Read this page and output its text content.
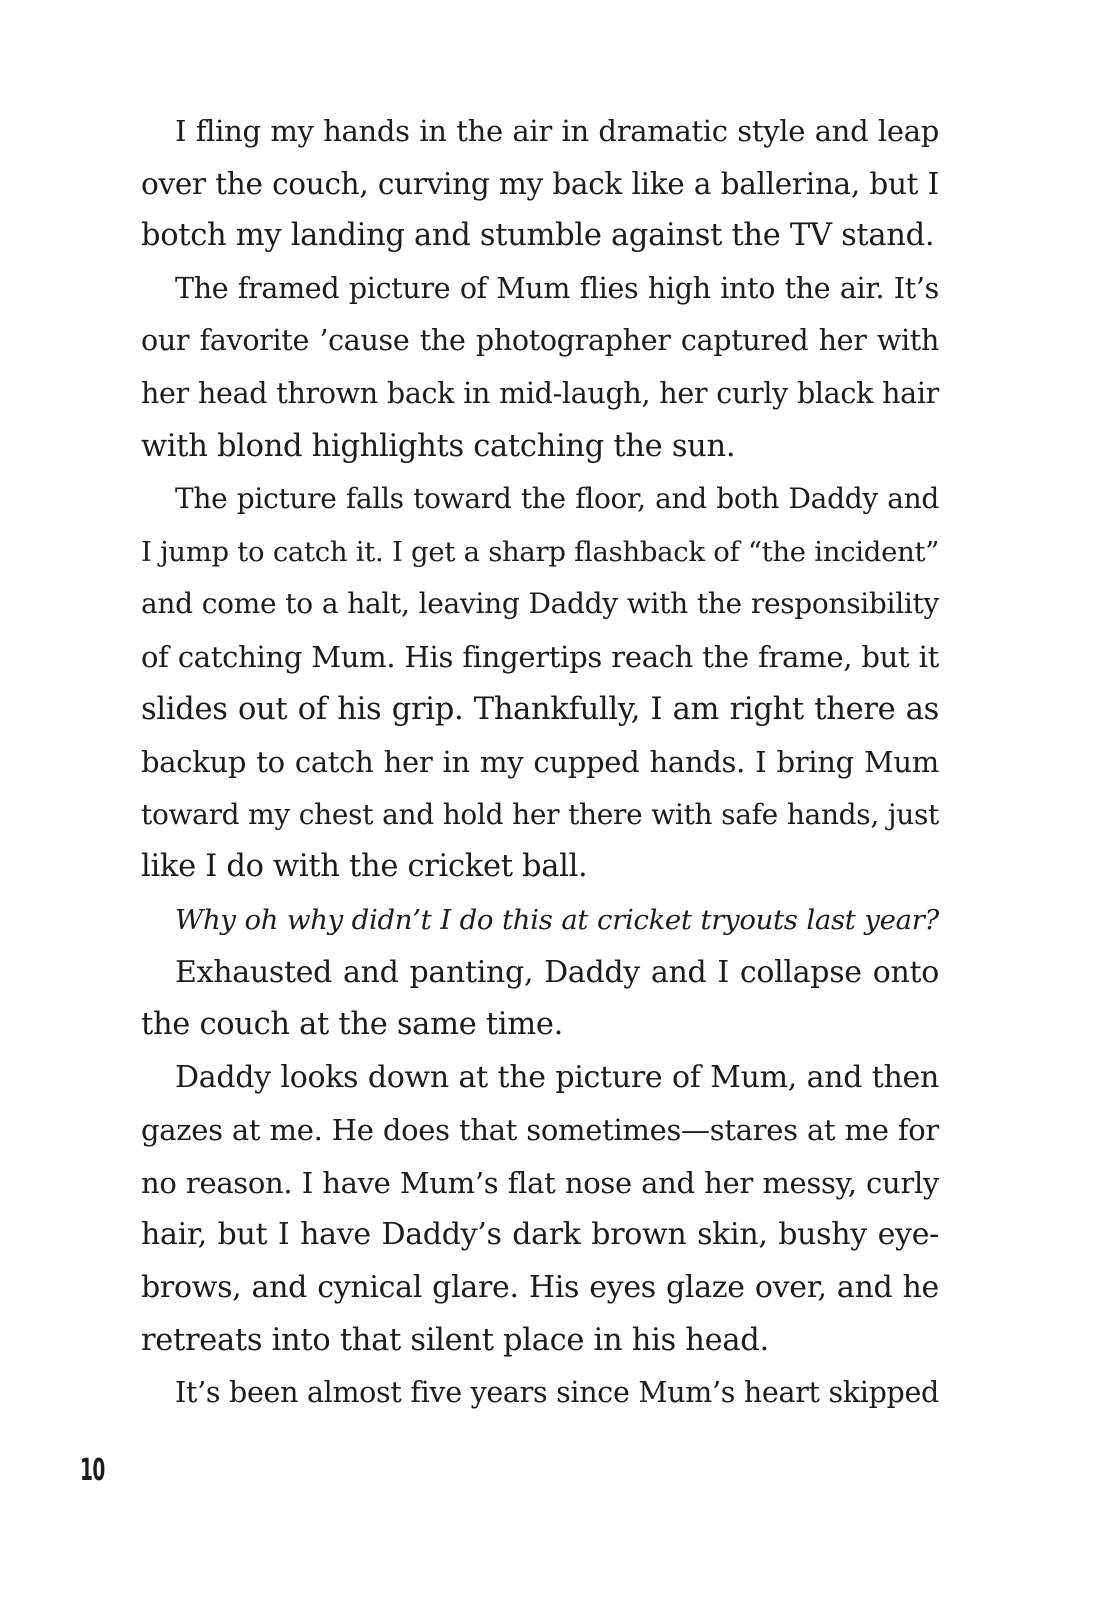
I fling my hands in the air in dramatic style and leap
over the couch, curving my back like a ballerina, but I
botch my landing and stumble against the TV stand.
The framed picture of Mum flies high into the air. It’s
our favorite ’cause the photographer captured her with
her head thrown back in mid-laugh, her curly black hair
with blond highlights catching the sun.
The picture falls toward the floor, and both Daddy and
I jump to catch it. I get a sharp flashback of “the incident”
and come to a halt, leaving Daddy with the responsibility
of catching Mum. His fingertips reach the frame, but it
slides out of his grip. Thankfully, I am right there as
backup to catch her in my cupped hands. I bring Mum
toward my chest and hold her there with safe hands, just
like I do with the cricket ball.
Why oh why didn’t I do this at cricket tryouts last year?
Exhausted and panting, Daddy and I collapse onto
the couch at the same time.
Daddy looks down at the picture of Mum, and then
gazes at me. He does that sometimes—stares at me for
no reason. I have Mum’s flat nose and her messy, curly
hair, but I have Daddy’s dark brown skin, bushy eye-
brows, and cynical glare. His eyes glaze over, and he
retreats into that silent place in his head.
It’s been almost five years since Mum’s heart skipped
10
